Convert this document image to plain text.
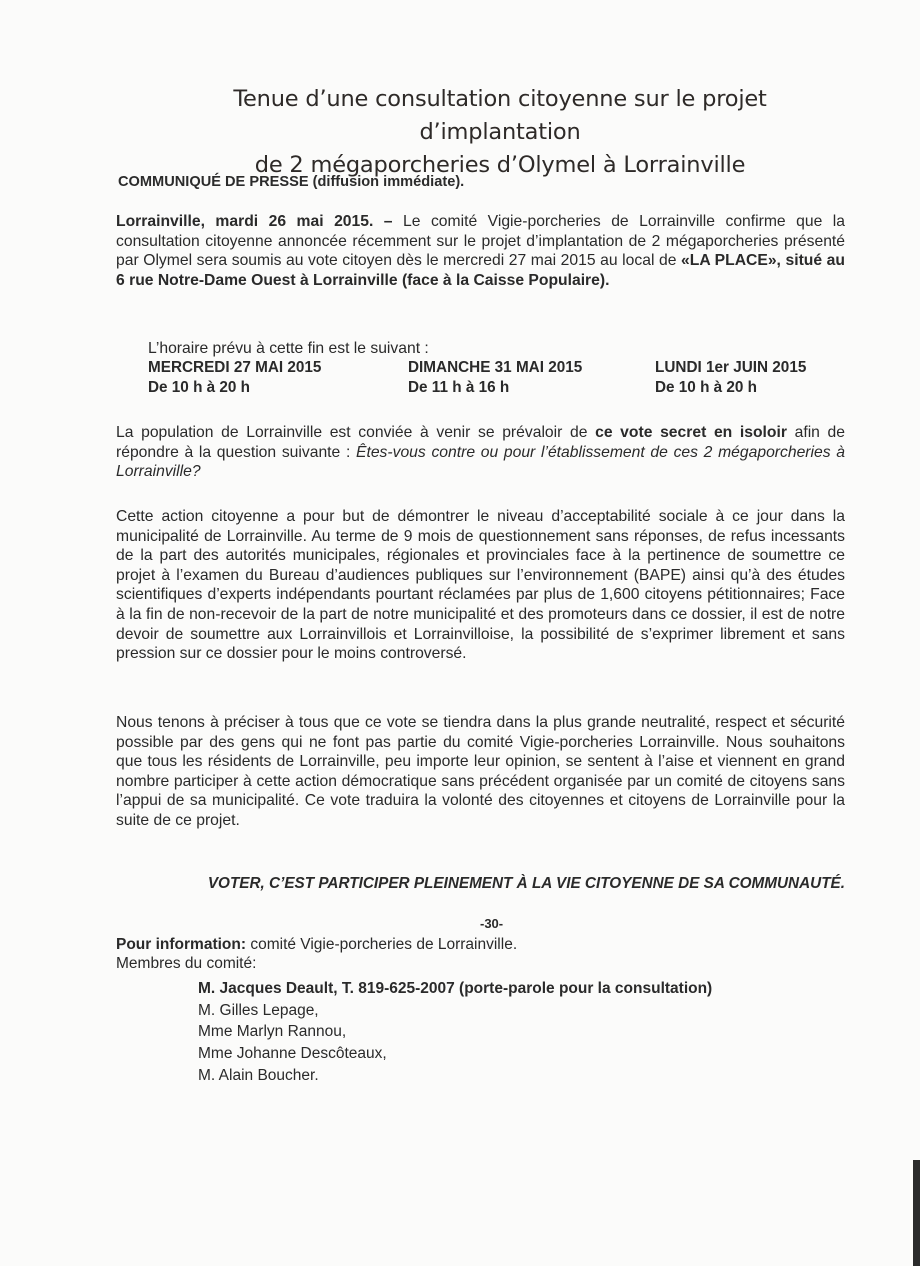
Tenue d’une consultation citoyenne sur le projet d’implantation
de 2 mégaporcheries d’Olymel à Lorrainville
COMMUNIQUÉ DE PRESSE (diffusion immédiate).
Lorrainville, mardi 26 mai 2015. – Le comité Vigie-porcheries de Lorrainville confirme que la consultation citoyenne annoncée récemment sur le projet d’implantation de 2 mégaporcheries présenté par Olymel sera soumis au vote citoyen dès le mercredi 27 mai 2015 au local de «LA PLACE», situé au 6 rue Notre-Dame Ouest à Lorrainville (face à la Caisse Populaire).
L’horaire prévu à cette fin est le suivant :
MERCREDI 27 MAI 2015
De 10 h à 20 h
DIMANCHE 31 MAI 2015
De 11 h à 16 h
LUNDI 1er JUIN 2015
De 10 h à 20 h
La population de Lorrainville est conviée à venir se prévaloir de ce vote secret en isoloir afin de répondre à la question suivante : Êtes-vous contre ou pour l’établissement de ces 2 mégaporcheries à Lorrainville?
Cette action citoyenne a pour but de démontrer le niveau d’acceptabilité sociale à ce jour dans la municipalité de Lorrainville. Au terme de 9 mois de questionnement sans réponses, de refus incessants de la part des autorités municipales, régionales et provinciales face à la pertinence de soumettre ce projet à l’examen du Bureau d’audiences publiques sur l’environnement (BAPE) ainsi qu’à des études scientifiques d’experts indépendants pourtant réclamées par plus de 1,600 citoyens pétitionnaires; Face à la fin de non-recevoir de la part de notre municipalité et des promoteurs dans ce dossier, il est de notre devoir de soumettre aux Lorrainvillois et Lorrainvilloise, la possibilité de s’exprimer librement et sans pression sur ce dossier pour le moins controversé.
Nous tenons à préciser à tous que ce vote se tiendra dans la plus grande neutralité, respect et sécurité possible par des gens qui ne font pas partie du comité Vigie-porcheries Lorrainville. Nous souhaitons que tous les résidents de Lorrainville, peu importe leur opinion, se sentent à l’aise et viennent en grand nombre participer à cette action démocratique sans précédent organisée par un comité de citoyens sans l’appui de sa municipalité. Ce vote traduira la volonté des citoyennes et citoyens de Lorrainville pour la suite de ce projet.
VOTER, C’EST PARTICIPER PLEINEMENT À LA VIE CITOYENNE DE SA COMMUNAUTÉ.
-30-
Pour information: comité Vigie-porcheries de Lorrainville.
Membres du comité:
M. Jacques Deault, T. 819-625-2007 (porte-parole pour la consultation)
M. Gilles Lepage,
Mme Marlyn Rannou,
Mme Johanne Descôteaux,
M. Alain Boucher.
